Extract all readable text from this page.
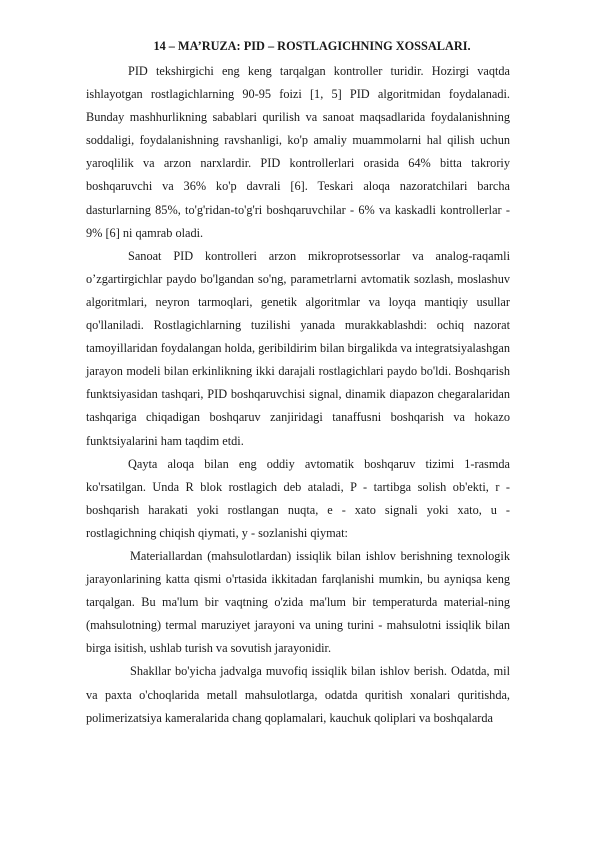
14 – MA’RUZA: PID – ROSTLAGICHNING XOSSALARI.

PID tekshirgichi eng keng tarqalgan kontroller turidir. Hozirgi vaqtda ishlayotgan rostlagichlarning 90-95 foizi [1, 5] PID algoritmidan foydalanadi. Bunday mashhurlikning sabablari qurilish va sanoat maqsadlarida foydalanishning soddaligi, foydalanishning ravshanligi, ko'p amaliy muammolarni hal qilish uchun yaroqlilik va arzon narxlardir. PID kontrollerlari orasida 64% bitta takroriy boshqaruvchi va 36% ko'p davrali [6]. Teskari aloqa nazoratchilari barcha dasturlarning 85%, to'g'ridan-to'g'ri boshqaruvchilar - 6% va kaskadli kontrollerlar - 9% [6] ni qamrab oladi.

Sanoat PID kontrolleri arzon mikroprotsessorlar va analog-raqamli o’zgartirgichlar paydo bo'lgandan so'ng, parametrlarni avtomatik sozlash, moslashuv algoritmlari, neyron tarmoqlari, genetik algoritmlar va loyqa mantiqiy usullar qo'llaniladi. Rostlagichlarning tuzilishi yanada murakkablashdi: ochiq nazorat tamoyillaridan foydalangan holda, geribildirim bilan birgalikda va integratsiyalashgan jarayon modeli bilan erkinlikning ikki darajali rostlagichlari paydo bo'ldi. Boshqarish funktsiyasidan tashqari, PID boshqaruvchisi signal, dinamik diapazon chegaralaridan tashqariga chiqadigan boshqaruv zanjiridagi tanaffusni boshqarish va hokazo funktsiyalarini ham taqdim etdi.

Qayta aloqa bilan eng oddiy avtomatik boshqaruv tizimi 1-rasmda ko'rsatilgan. Unda R blok rostlagich deb ataladi, P - tartibga solish ob'ekti, r - boshqarish harakati yoki rostlangan nuqta, e - xato signali yoki xato, u - rostlagichning chiqish qiymati, y - sozlanishi qiymat:

Materiallardan (mahsulotlardan) issiqlik bilan ishlov berishning texnologik jarayonlarining katta qismi o'rtasida ikkitadan farqlanishi mumkin, bu ayniqsa keng tarqalgan. Bu ma'lum bir vaqtning o'zida ma'lum bir temperaturda material-ning (mahsulotning) termal maruziyet jarayoni va uning turini - mahsulotni issiqlik bilan birga isitish, ushlab turish va sovutish jarayonidir.

Shakllar bo'yicha jadvalga muvofiq issiqlik bilan ishlov berish. Odatda, mil va paxta o'choqlarida metall mahsulotlarga, odatda quritish xonalari quritishda, polimerizatsiya kameralarida chang qoplamalari, kauchuk qoliplari va boshqalarda
